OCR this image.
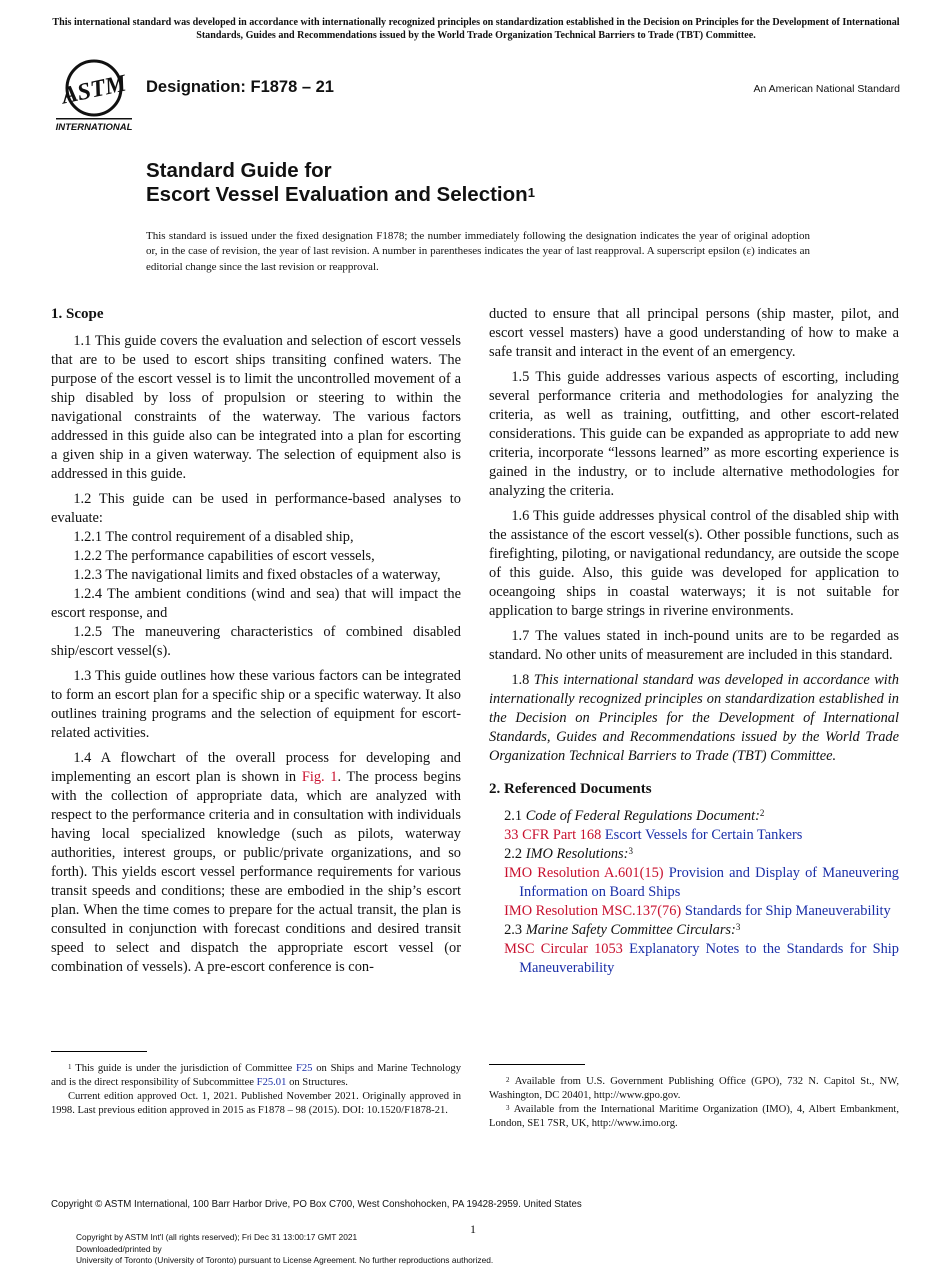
This international standard was developed in accordance with internationally recognized principles on standardization established in the Decision on Principles for the Development of International Standards, Guides and Recommendations issued by the World Trade Organization Technical Barriers to Trade (TBT) Committee.
ASTM
INTERNATIONAL
Designation: F1878 – 21	An American National Standard
Standard Guide for
Escort Vessel Evaluation and Selection$^1$
This standard is issued under the fixed designation F1878; the number immediately following the designation indicates the year of original adoption or, in the case of revision, the year of last revision. A number in parentheses indicates the year of last reapproval. A superscript epsilon (ε) indicates an editorial change since the last revision or reapproval.
1. Scope

1.1 This guide covers the evaluation and selection of escort vessels that are to be used to escort ships transiting confined waters. The purpose of the escort vessel is to limit the uncontrolled movement of a ship disabled by loss of propulsion or steering to within the navigational constraints of the waterway. The various factors addressed in this guide also can be integrated into a plan for escorting a given ship in a given waterway. The selection of equipment also is addressed in this guide.

1.2 This guide can be used in performance-based analyses to evaluate:

1.2.1 The control requirement of a disabled ship,

1.2.2 The performance capabilities of escort vessels,

1.2.3 The navigational limits and fixed obstacles of a waterway,

1.2.4 The ambient conditions (wind and sea) that will impact the escort response, and

1.2.5 The maneuvering characteristics of combined disabled ship/escort vessel(s).

1.3 This guide outlines how these various factors can be integrated to form an escort plan for a specific ship or a specific waterway. It also outlines training programs and the selection of equipment for escort-related activities.

1.4 A flowchart of the overall process for developing and implementing an escort plan is shown in Fig. 1. The process begins with the collection of appropriate data, which are analyzed with respect to the performance criteria and in consultation with individuals having local specialized knowledge (such as pilots, waterway authorities, interest groups, or public/private organizations, and so forth). This yields escort vessel performance requirements for various transit speeds and conditions; these are embodied in the ship’s escort plan. When the time comes to prepare for the actual transit, the plan is consulted in conjunction with forecast conditions and desired transit speed to select and dispatch the appropriate escort vessel (or combination of vessels). A pre-escort conference is con-

ducted to ensure that all principal persons (ship master, pilot, and escort vessel masters) have a good understanding of how to make a safe transit and interact in the event of an emergency.

1.5 This guide addresses various aspects of escorting, including several performance criteria and methodologies for analyzing the criteria, as well as training, outfitting, and other escort-related considerations. This guide can be expanded as appropriate to add new criteria, incorporate “lessons learned” as more escorting experience is gained in the industry, or to include alternative methodologies for analyzing the criteria.

1.6 This guide addresses physical control of the disabled ship with the assistance of the escort vessel(s). Other possible functions, such as firefighting, piloting, or navigational redundancy, are outside the scope of this guide. Also, this guide was developed for application to oceangoing ships in coastal waterways; it is not suitable for application to barge strings in riverine environments.

1.7 The values stated in inch-pound units are to be regarded as standard. No other units of measurement are included in this standard.

1.8 This international standard was developed in accordance with internationally recognized principles on standardization established in the Decision on Principles for the Development of International Standards, Guides and Recommendations issued by the World Trade Organization Technical Barriers to Trade (TBT) Committee.

2. Referenced Documents
2.1 Code of Federal Regulations Document:$^2$
33 CFR Part 168 Escort Vessels for Certain Tankers
2.2 IMO Resolutions:$^3$
IMO Resolution A.601(15) Provision and Display of Maneuvering Information on Board Ships
IMO Resolution MSC.137(76) Standards for Ship Maneuverability
2.3 Marine Safety Committee Circulars:$^3$
MSC Circular 1053 Explanatory Notes to the Standards for Ship Maneuverability

$^1$ This guide is under the jurisdiction of Committee F25 on Ships and Marine Technology and is the direct responsibility of Subcommittee F25.01 on Structures.

Current edition approved Oct. 1, 2021. Published November 2021. Originally approved in 1998. Last previous edition approved in 2015 as F1878 – 98 (2015). DOI: 10.1520/F1878-21.

$^2$ Available from U.S. Government Publishing Office (GPO), 732 N. Capitol St., NW, Washington, DC 20401, http://www.gpo.gov.

$^3$ Available from the International Maritime Organization (IMO), 4, Albert Embankment, London, SE1 7SR, UK, http://www.imo.org.

Copyright © ASTM International, 100 Barr Harbor Drive, PO Box C700, West Conshohocken, PA 19428-2959. United States
1
Copyright by ASTM Int'l (all rights reserved); Fri Dec 31 13:00:17 GMT 2021
Downloaded/printed by
University of Toronto (University of Toronto) pursuant to License Agreement. No further reproductions authorized.
